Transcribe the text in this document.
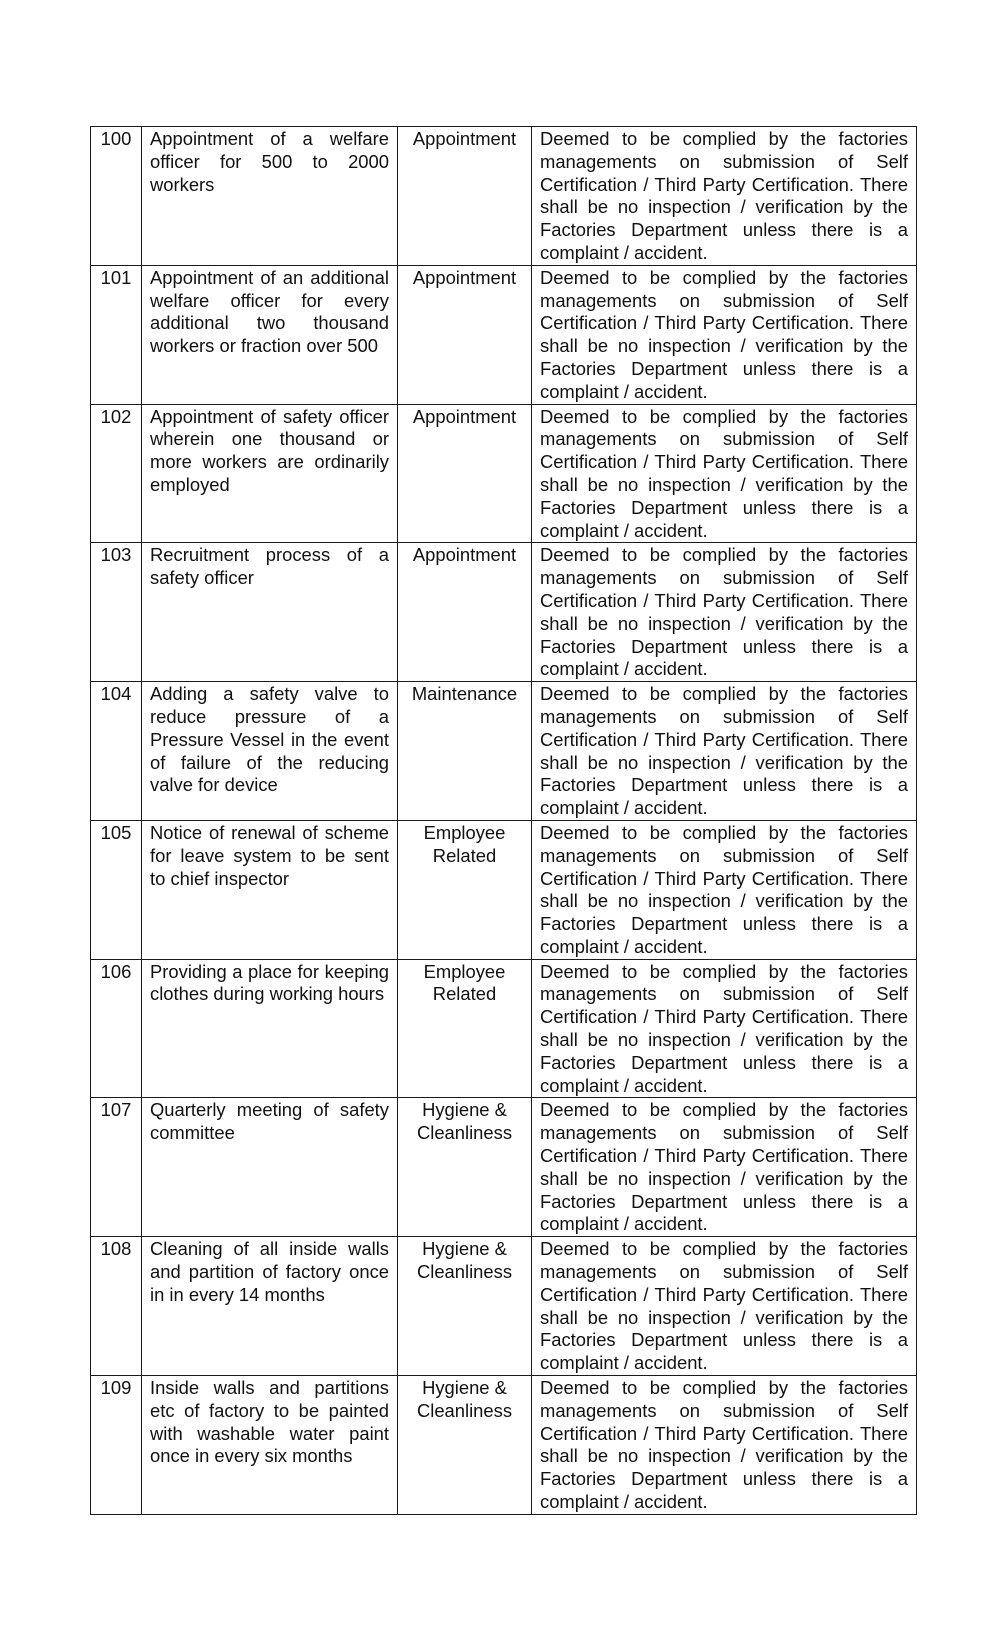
100	Appointment of a welfare officer for 500 to 2000 workers	Appointment	Deemed to be complied by the factories managements on submission of Self Certification / Third Party Certification. There shall be no inspection / verification by the Factories Department unless there is a complaint / accident.
101	Appointment of an additional welfare officer for every additional two thousand workers or fraction over 500	Appointment	Deemed to be complied by the factories managements on submission of Self Certification / Third Party Certification. There shall be no inspection / verification by the Factories Department unless there is a complaint / accident.
102	Appointment of safety officer wherein one thousand or more workers are ordinarily employed	Appointment	Deemed to be complied by the factories managements on submission of Self Certification / Third Party Certification. There shall be no inspection / verification by the Factories Department unless there is a complaint / accident.
103	Recruitment process of a safety officer	Appointment	Deemed to be complied by the factories managements on submission of Self Certification / Third Party Certification. There shall be no inspection / verification by the Factories Department unless there is a complaint / accident.
104	Adding a safety valve to reduce pressure of a Pressure Vessel in the event of failure of the reducing valve for device	Maintenance	Deemed to be complied by the factories managements on submission of Self Certification / Third Party Certification. There shall be no inspection / verification by the Factories Department unless there is a complaint / accident.
105	Notice of renewal of scheme for leave system to be sent to chief inspector	Employee Related	Deemed to be complied by the factories managements on submission of Self Certification / Third Party Certification. There shall be no inspection / verification by the Factories Department unless there is a complaint / accident.
106	Providing a place for keeping clothes during working hours	Employee Related	Deemed to be complied by the factories managements on submission of Self Certification / Third Party Certification. There shall be no inspection / verification by the Factories Department unless there is a complaint / accident.
107	Quarterly meeting of safety committee	Hygiene & Cleanliness	Deemed to be complied by the factories managements on submission of Self Certification / Third Party Certification. There shall be no inspection / verification by the Factories Department unless there is a complaint / accident.
108	Cleaning of all inside walls and partition of factory once in in every 14 months	Hygiene & Cleanliness	Deemed to be complied by the factories managements on submission of Self Certification / Third Party Certification. There shall be no inspection / verification by the Factories Department unless there is a complaint / accident.
109	Inside walls and partitions etc of factory to be painted with washable water paint once in every six months	Hygiene & Cleanliness	Deemed to be complied by the factories managements on submission of Self Certification / Third Party Certification. There shall be no inspection / verification by the Factories Department unless there is a complaint / accident.
